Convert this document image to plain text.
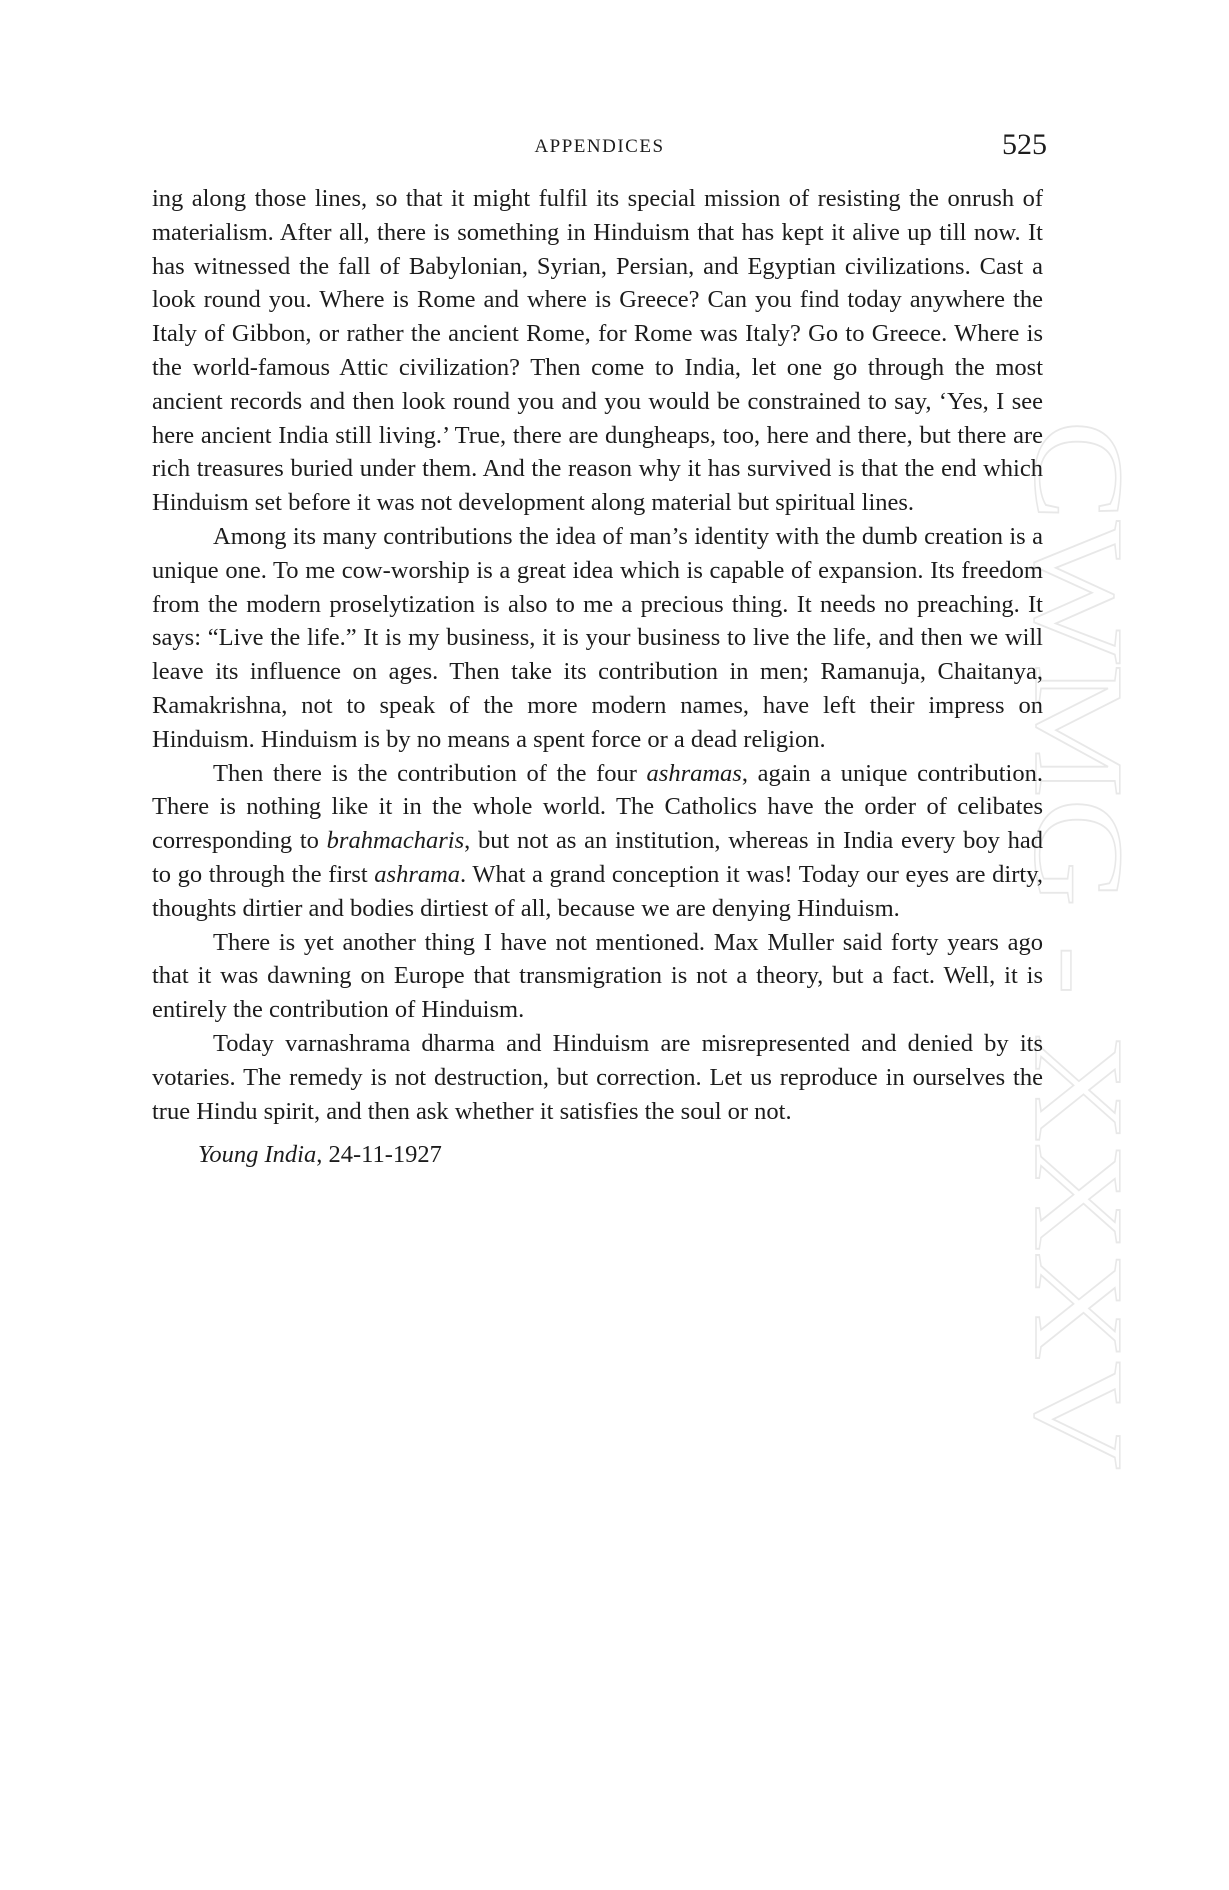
APPENDICES	525
CWMG - XXXV

ing along those lines, so that it might fulfil its special mission of resisting the onrush of materialism. After all, there is something in Hinduism that has kept it alive up till now. It has witnessed the fall of Babylonian, Syrian, Persian, and Egyptian civilizations. Cast a look round you. Where is Rome and where is Greece? Can you find today anywhere the Italy of Gibbon, or rather the ancient Rome, for Rome was Italy? Go to Greece. Where is the world-famous Attic civilization? Then come to India, let one go through the most ancient records and then look round you and you would be constrained to say, ‘Yes, I see here ancient India still living.’ True, there are dungheaps, too, here and there, but there are rich treasures buried under them. And the reason why it has survived is that the end which Hinduism set before it was not development along material but spiritual lines.

Among its many contributions the idea of man’s identity with the dumb creation is a unique one. To me cow-worship is a great idea which is capable of expansion. Its freedom from the modern proselytization is also to me a precious thing. It needs no preaching. It says: “Live the life.” It is my business, it is your business to live the life, and then we will leave its influence on ages. Then take its contribution in men; Ramanuja, Chaitanya, Ramakrishna, not to speak of the more modern names, have left their impress on Hinduism. Hinduism is by no means a spent force or a dead religion.

Then there is the contribution of the four ashramas, again a unique contribution. There is nothing like it in the whole world. The Catholics have the order of celibates corresponding to brahmacharis, but not as an institution, whereas in India every boy had to go through the first ashrama. What a grand conception it was! Today our eyes are dirty, thoughts dirtier and bodies dirtiest of all, because we are denying Hinduism.

There is yet another thing I have not mentioned. Max Muller said forty years ago that it was dawning on Europe that transmigration is not a theory, but a fact. Well, it is entirely the contribution of Hinduism.

Today varnashrama dharma and Hinduism are misrepresented and denied by its votaries. The remedy is not destruction, but correction. Let us reproduce in ourselves the true Hindu spirit, and then ask whether it satisfies the soul or not.

Young India, 24-11-1927
